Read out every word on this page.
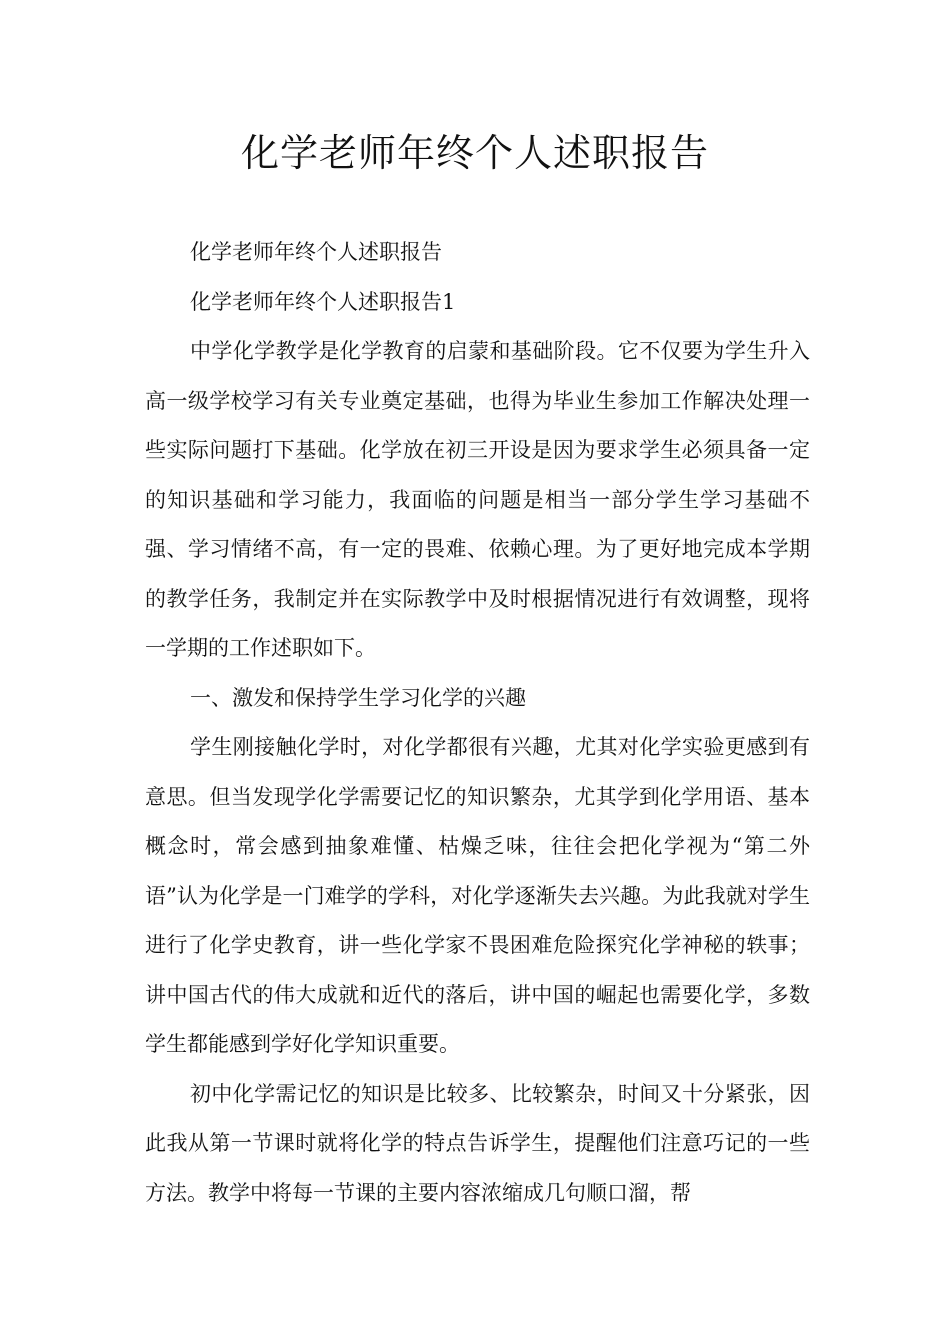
化学老师年终个人述职报告

化学老师年终个人述职报告

化学老师年终个人述职报告1

中学化学教学是化学教育的启蒙和基础阶段。它不仅要为学生升入高一级学校学习有关专业奠定基础，也得为毕业生参加工作解决处理一些实际问题打下基础。化学放在初三开设是因为要求学生必须具备一定的知识基础和学习能力，我面临的问题是相当一部分学生学习基础不强、学习情绪不高，有一定的畏难、依赖心理。为了更好地完成本学期的教学任务，我制定并在实际教学中及时根据情况进行有效调整，现将一学期的工作述职如下。

一、激发和保持学生学习化学的兴趣

学生刚接触化学时，对化学都很有兴趣，尤其对化学实验更感到有意思。但当发现学化学需要记忆的知识繁杂，尤其学到化学用语、基本概念时，常会感到抽象难懂、枯燥乏味，往往会把化学视为“第二外语”认为化学是一门难学的学科，对化学逐渐失去兴趣。为此我就对学生进行了化学史教育，讲一些化学家不畏困难危险探究化学神秘的轶事；讲中国古代的伟大成就和近代的落后，讲中国的崛起也需要化学，多数学生都能感到学好化学知识重要。

初中化学需记忆的知识是比较多、比较繁杂，时间又十分紧张，因此我从第一节课时就将化学的特点告诉学生，提醒他们注意巧记的一些方法。教学中将每一节课的主要内容浓缩成几句顺口溜，帮
